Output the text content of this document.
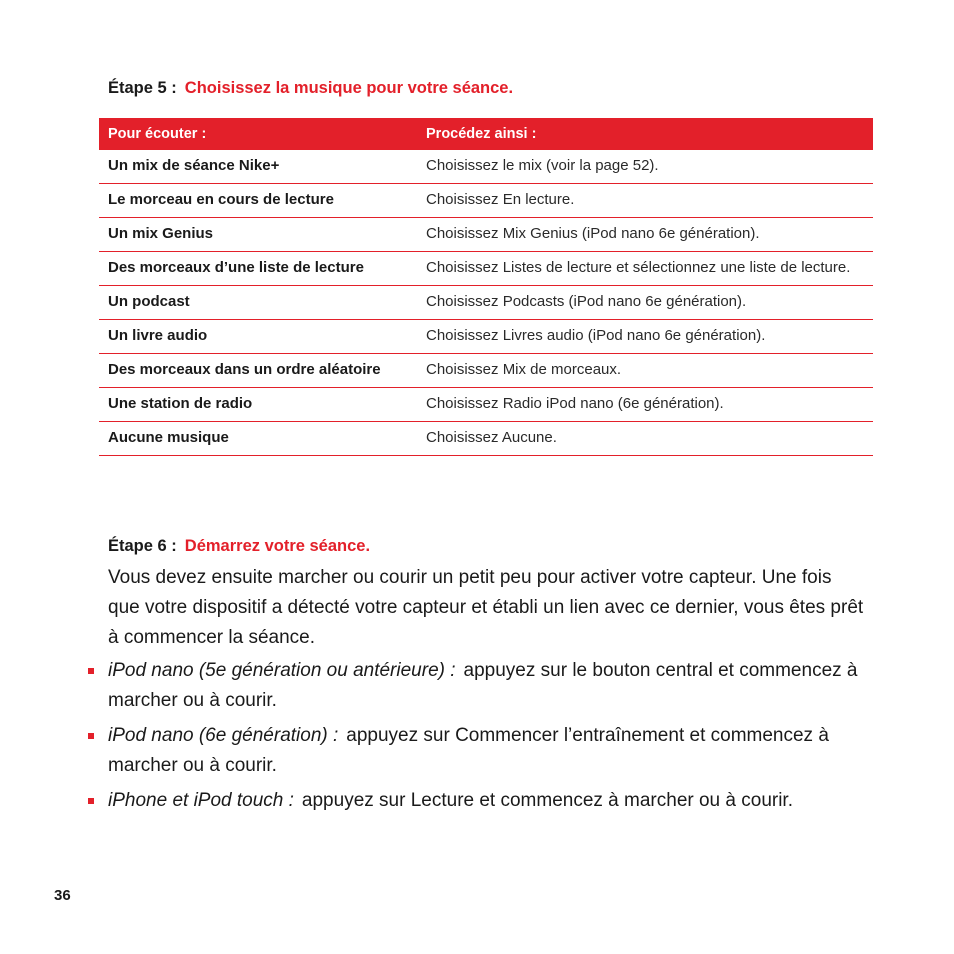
Étape 5 : Choisissez la musique pour votre séance.
Pour écouter :	Procédez ainsi :
Un mix de séance Nike+	Choisissez le mix (voir la page 52).
Le morceau en cours de lecture	Choisissez En lecture.
Un mix Genius	Choisissez Mix Genius (iPod nano 6e génération).
Des morceaux d’une liste de lecture	Choisissez Listes de lecture et sélectionnez une liste de lecture.
Un podcast	Choisissez Podcasts (iPod nano 6e génération).
Un livre audio	Choisissez Livres audio (iPod nano 6e génération).
Des morceaux dans un ordre aléatoire	Choisissez Mix de morceaux.
Une station de radio	Choisissez Radio iPod nano (6e génération).
Aucune musique	Choisissez Aucune.
Étape 6 : Démarrez votre séance.

Vous devez ensuite marcher ou courir un petit peu pour activer votre capteur. Une fois que votre dispositif a détecté votre capteur et établi un lien avec ce dernier, vous êtes prêt à commencer la séance.

iPod nano (5e génération ou antérieure) : appuyez sur le bouton central et commencez à marcher ou à courir.

iPod nano (6e génération) : appuyez sur Commencer l’entraînement et commencez à marcher ou à courir.

iPhone et iPod touch : appuyez sur Lecture et commencez à marcher ou à courir.

36
